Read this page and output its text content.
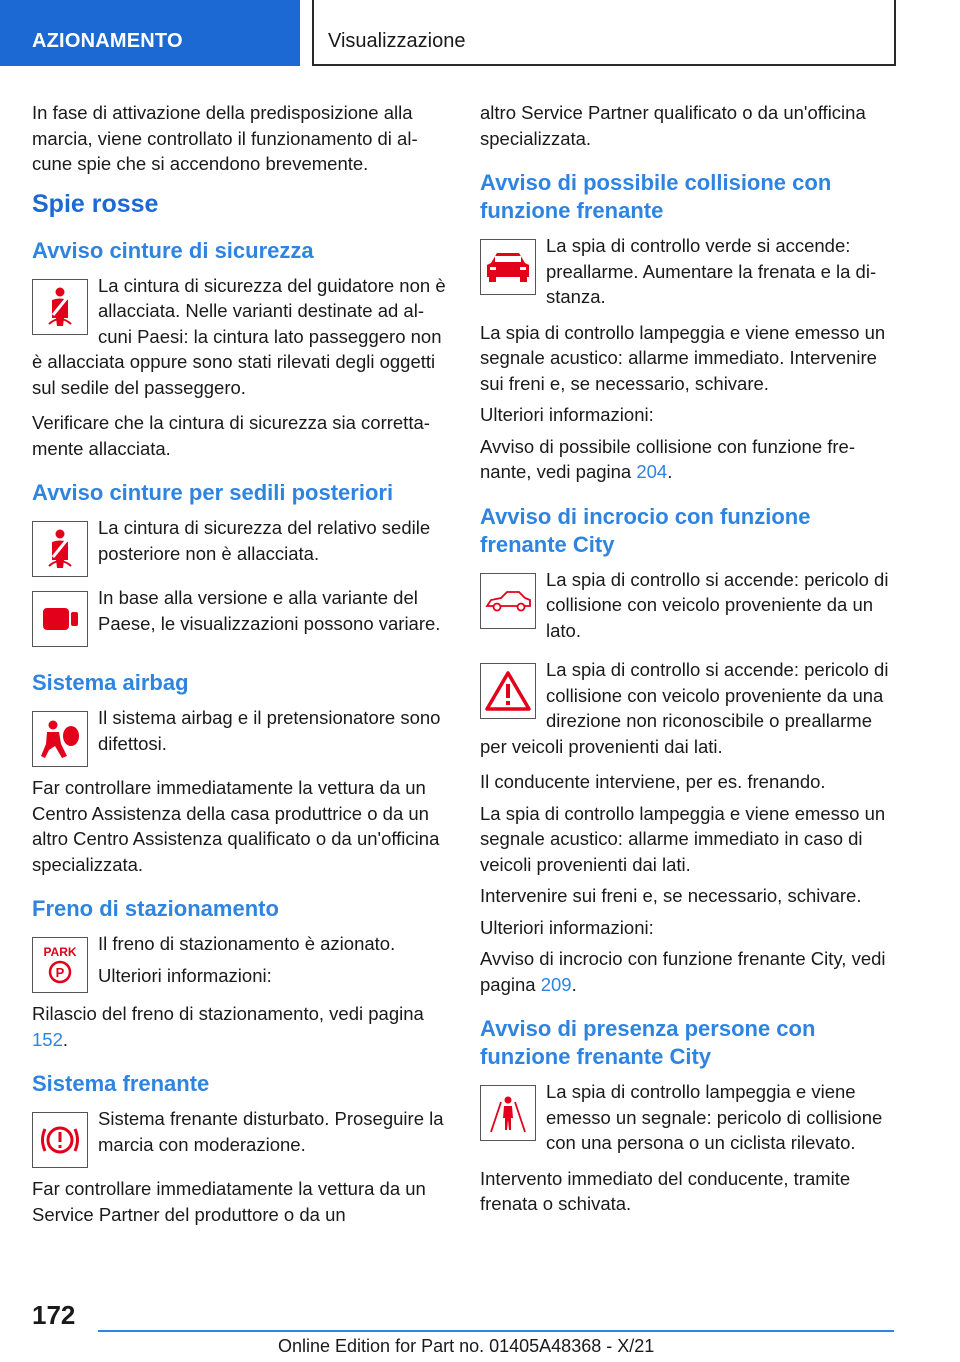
AZIONAMENTO	Visualizzazione

In fase di attivazione della predisposizione alla marcia, viene controllato il funzionamento di alcune spie che si accendono brevemente.

Spie rosse
Avviso cinture di sicurezza

La cintura di sicurezza del guidatore non è allacciata. Nelle varianti destinate ad alcuni Paesi: la cintura lato passeggero non è allacciata oppure sono stati rilevati degli oggetti sul sedile del passeggero.

Verificare che la cintura di sicurezza sia correttamente allacciata.

Avviso cinture per sedili posteriori

La cintura di sicurezza del relativo sedile posteriore non è allacciata.

In base alla versione e alla variante del Paese, le visualizzazioni possono variare.

Sistema airbag

Il sistema airbag e il pretensionatore sono difettosi.

Far controllare immediatamente la vettura da un Centro Assistenza della casa produttrice o da un altro Centro Assistenza qualificato o da un'officina specializzata.

Freno di stazionamento
PARK
P

Il freno di stazionamento è azionato.

Ulteriori informazioni:

Rilascio del freno di stazionamento, vedi pagina 152.

Sistema frenante

Sistema frenante disturbato. Proseguire la marcia con moderazione.

Far controllare immediatamente la vettura da un Service Partner del produttore o da un

altro Service Partner qualificato o da un'officina specializzata.

Avviso di possibile collisione con funzione frenante

La spia di controllo verde si accende: preallarme. Aumentare la frenata e la distanza.

La spia di controllo lampeggia e viene emesso un segnale acustico: allarme immediato. Intervenire sui freni e, se necessario, schivare.

Ulteriori informazioni:

Avviso di possibile collisione con funzione frenante, vedi pagina 204.

Avviso di incrocio con funzione frenante City

La spia di controllo si accende: pericolo di collisione con veicolo proveniente da un lato.

La spia di controllo si accende: pericolo di collisione con veicolo proveniente da una direzione non riconoscibile o preallarme per veicoli provenienti dai lati.

Il conducente interviene, per es. frenando.

La spia di controllo lampeggia e viene emesso un segnale acustico: allarme immediato in caso di veicoli provenienti dai lati.

Intervenire sui freni e, se necessario, schivare.

Ulteriori informazioni:

Avviso di incrocio con funzione frenante City, vedi pagina 209.

Avviso di presenza persone con funzione frenante City

La spia di controllo lampeggia e viene emesso un segnale: pericolo di collisione con una persona o un ciclista rilevato.

Intervento immediato del conducente, tramite frenata o schivata.

172
Online Edition for Part no. 01405A48368 - X/21
